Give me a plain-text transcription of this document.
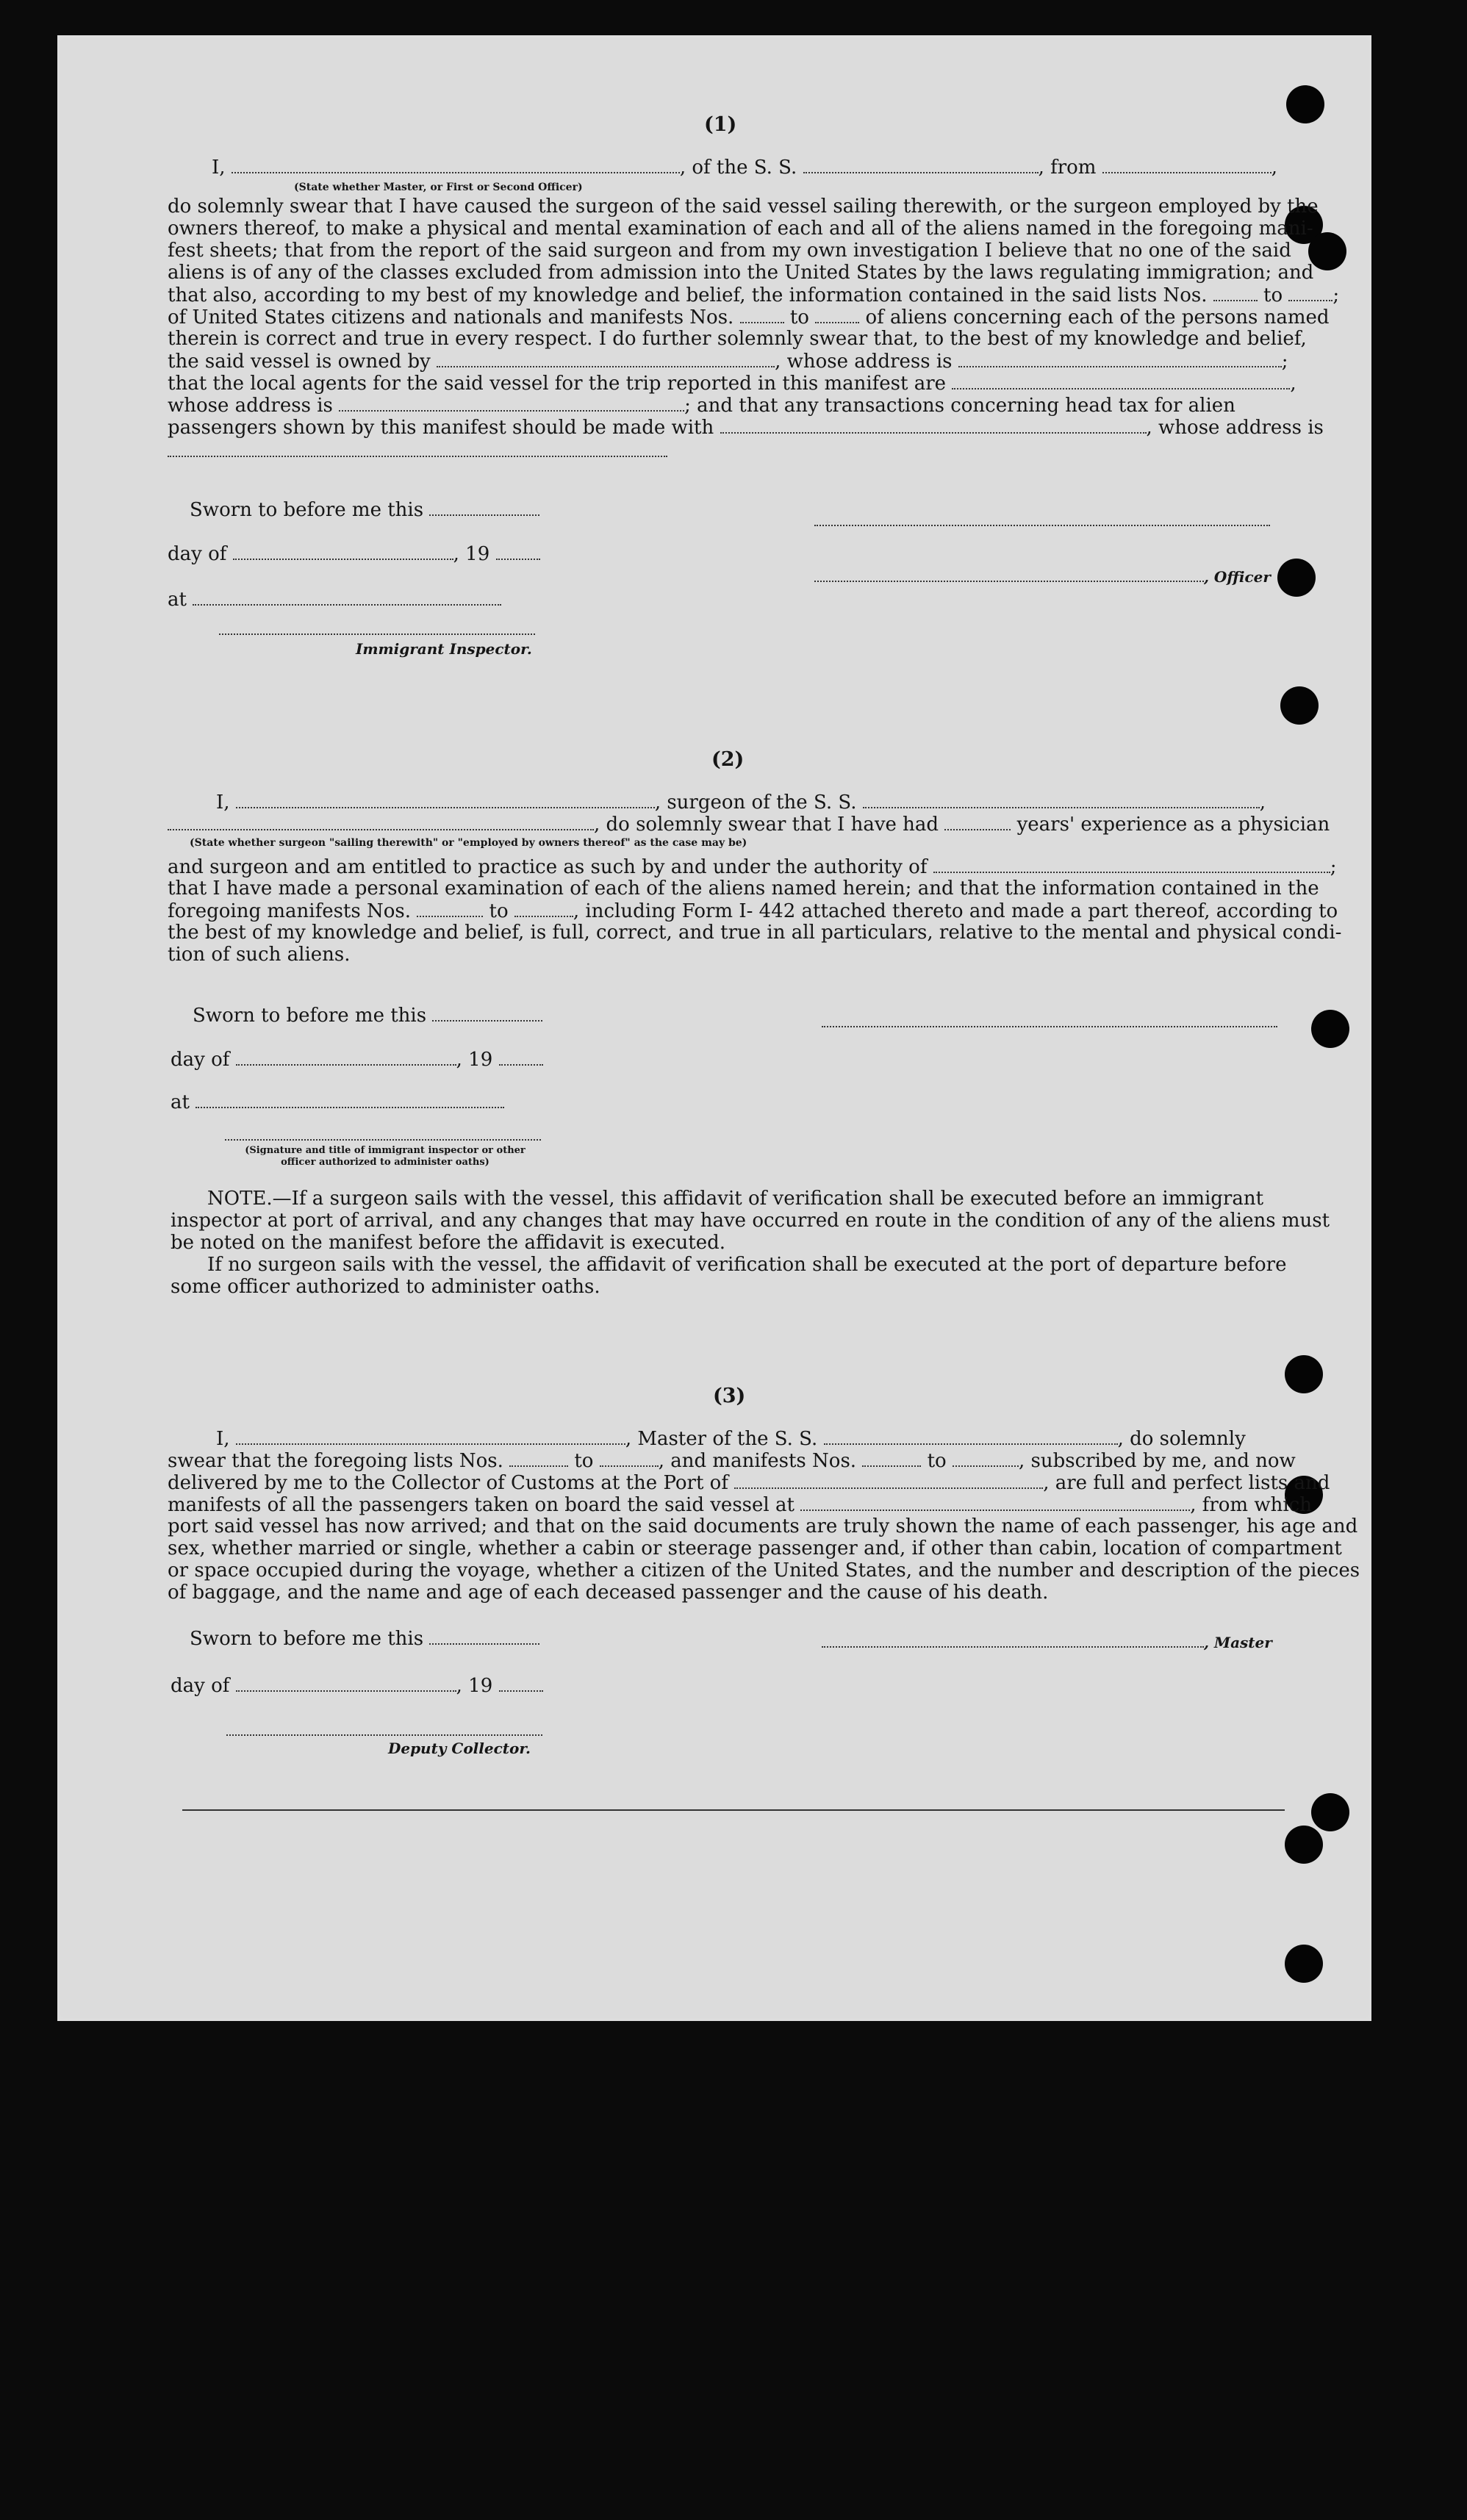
(1)
I,	, of the S. S.	, from	,
(State whether Master, or First or Second Officer)
do solemnly swear that I have caused the surgeon of the said vessel sailing therewith, or the surgeon employed by the
owners thereof, to make a physical and mental examination of each and all of the aliens named in the foregoing mani-
fest sheets; that from the report of the said surgeon and from my own investigation I believe that no one of the said
aliens is of any of the classes excluded from admission into the United States by the laws regulating immigration; and
that also, according to my best of my knowledge and belief, the information contained in the said lists Nos.	to	;
of United States citizens and nationals and manifests Nos.	to	of aliens concerning each of the persons named
therein is correct and true in every respect. I do further solemnly swear that, to the best of my knowledge and belief,
the said vessel is owned by	, whose address is	;
that the local agents for the said vessel for the trip reported in this manifest are	,
whose address is	; and that any transactions concerning head tax for alien
passengers shown by this manifest should be made with	, whose address is
Sworn to before me this
day of	, 19
, Officer
at
Immigrant Inspector.
(2)
I,	, surgeon of the S. S.	,
, do solemnly swear that I have had	years' experience as a physician
(State whether surgeon "sailing therewith" or "employed by owners thereof" as the case may be)
and surgeon and am entitled to practice as such by and under the authority of	;
that I have made a personal examination of each of the aliens named herein; and that the information contained in the
foregoing manifests Nos.	to	, including Form I- 442 attached thereto and made a part thereof, according to
the best of my knowledge and belief, is full, correct, and true in all particulars, relative to the mental and physical condi-
tion of such aliens.
Sworn to before me this
day of	, 19
at
(Signature and title of immigrant inspector or other officer authorized to administer oaths)
NOTE.—If a surgeon sails with the vessel, this affidavit of verification shall be executed before an immigrant
inspector at port of arrival, and any changes that may have occurred en route in the condition of any of the aliens must
be noted on the manifest before the affidavit is executed.
If no surgeon sails with the vessel, the affidavit of verification shall be executed at the port of departure before
some officer authorized to administer oaths.
(3)
I,	, Master of the S. S.	, do solemnly
swear that the foregoing lists Nos.	to	, and manifests Nos.	to	, subscribed by me, and now
delivered by me to the Collector of Customs at the Port of	, are full and perfect lists and
manifests of all the passengers taken on board the said vessel at	, from which
port said vessel has now arrived; and that on the said documents are truly shown the name of each passenger, his age and
sex, whether married or single, whether a cabin or steerage passenger and, if other than cabin, location of compartment
or space occupied during the voyage, whether a citizen of the United States, and the number and description of the pieces
of baggage, and the name and age of each deceased passenger and the cause of his death.
Sworn to before me this	, Master
day of	, 19
Deputy Collector.
